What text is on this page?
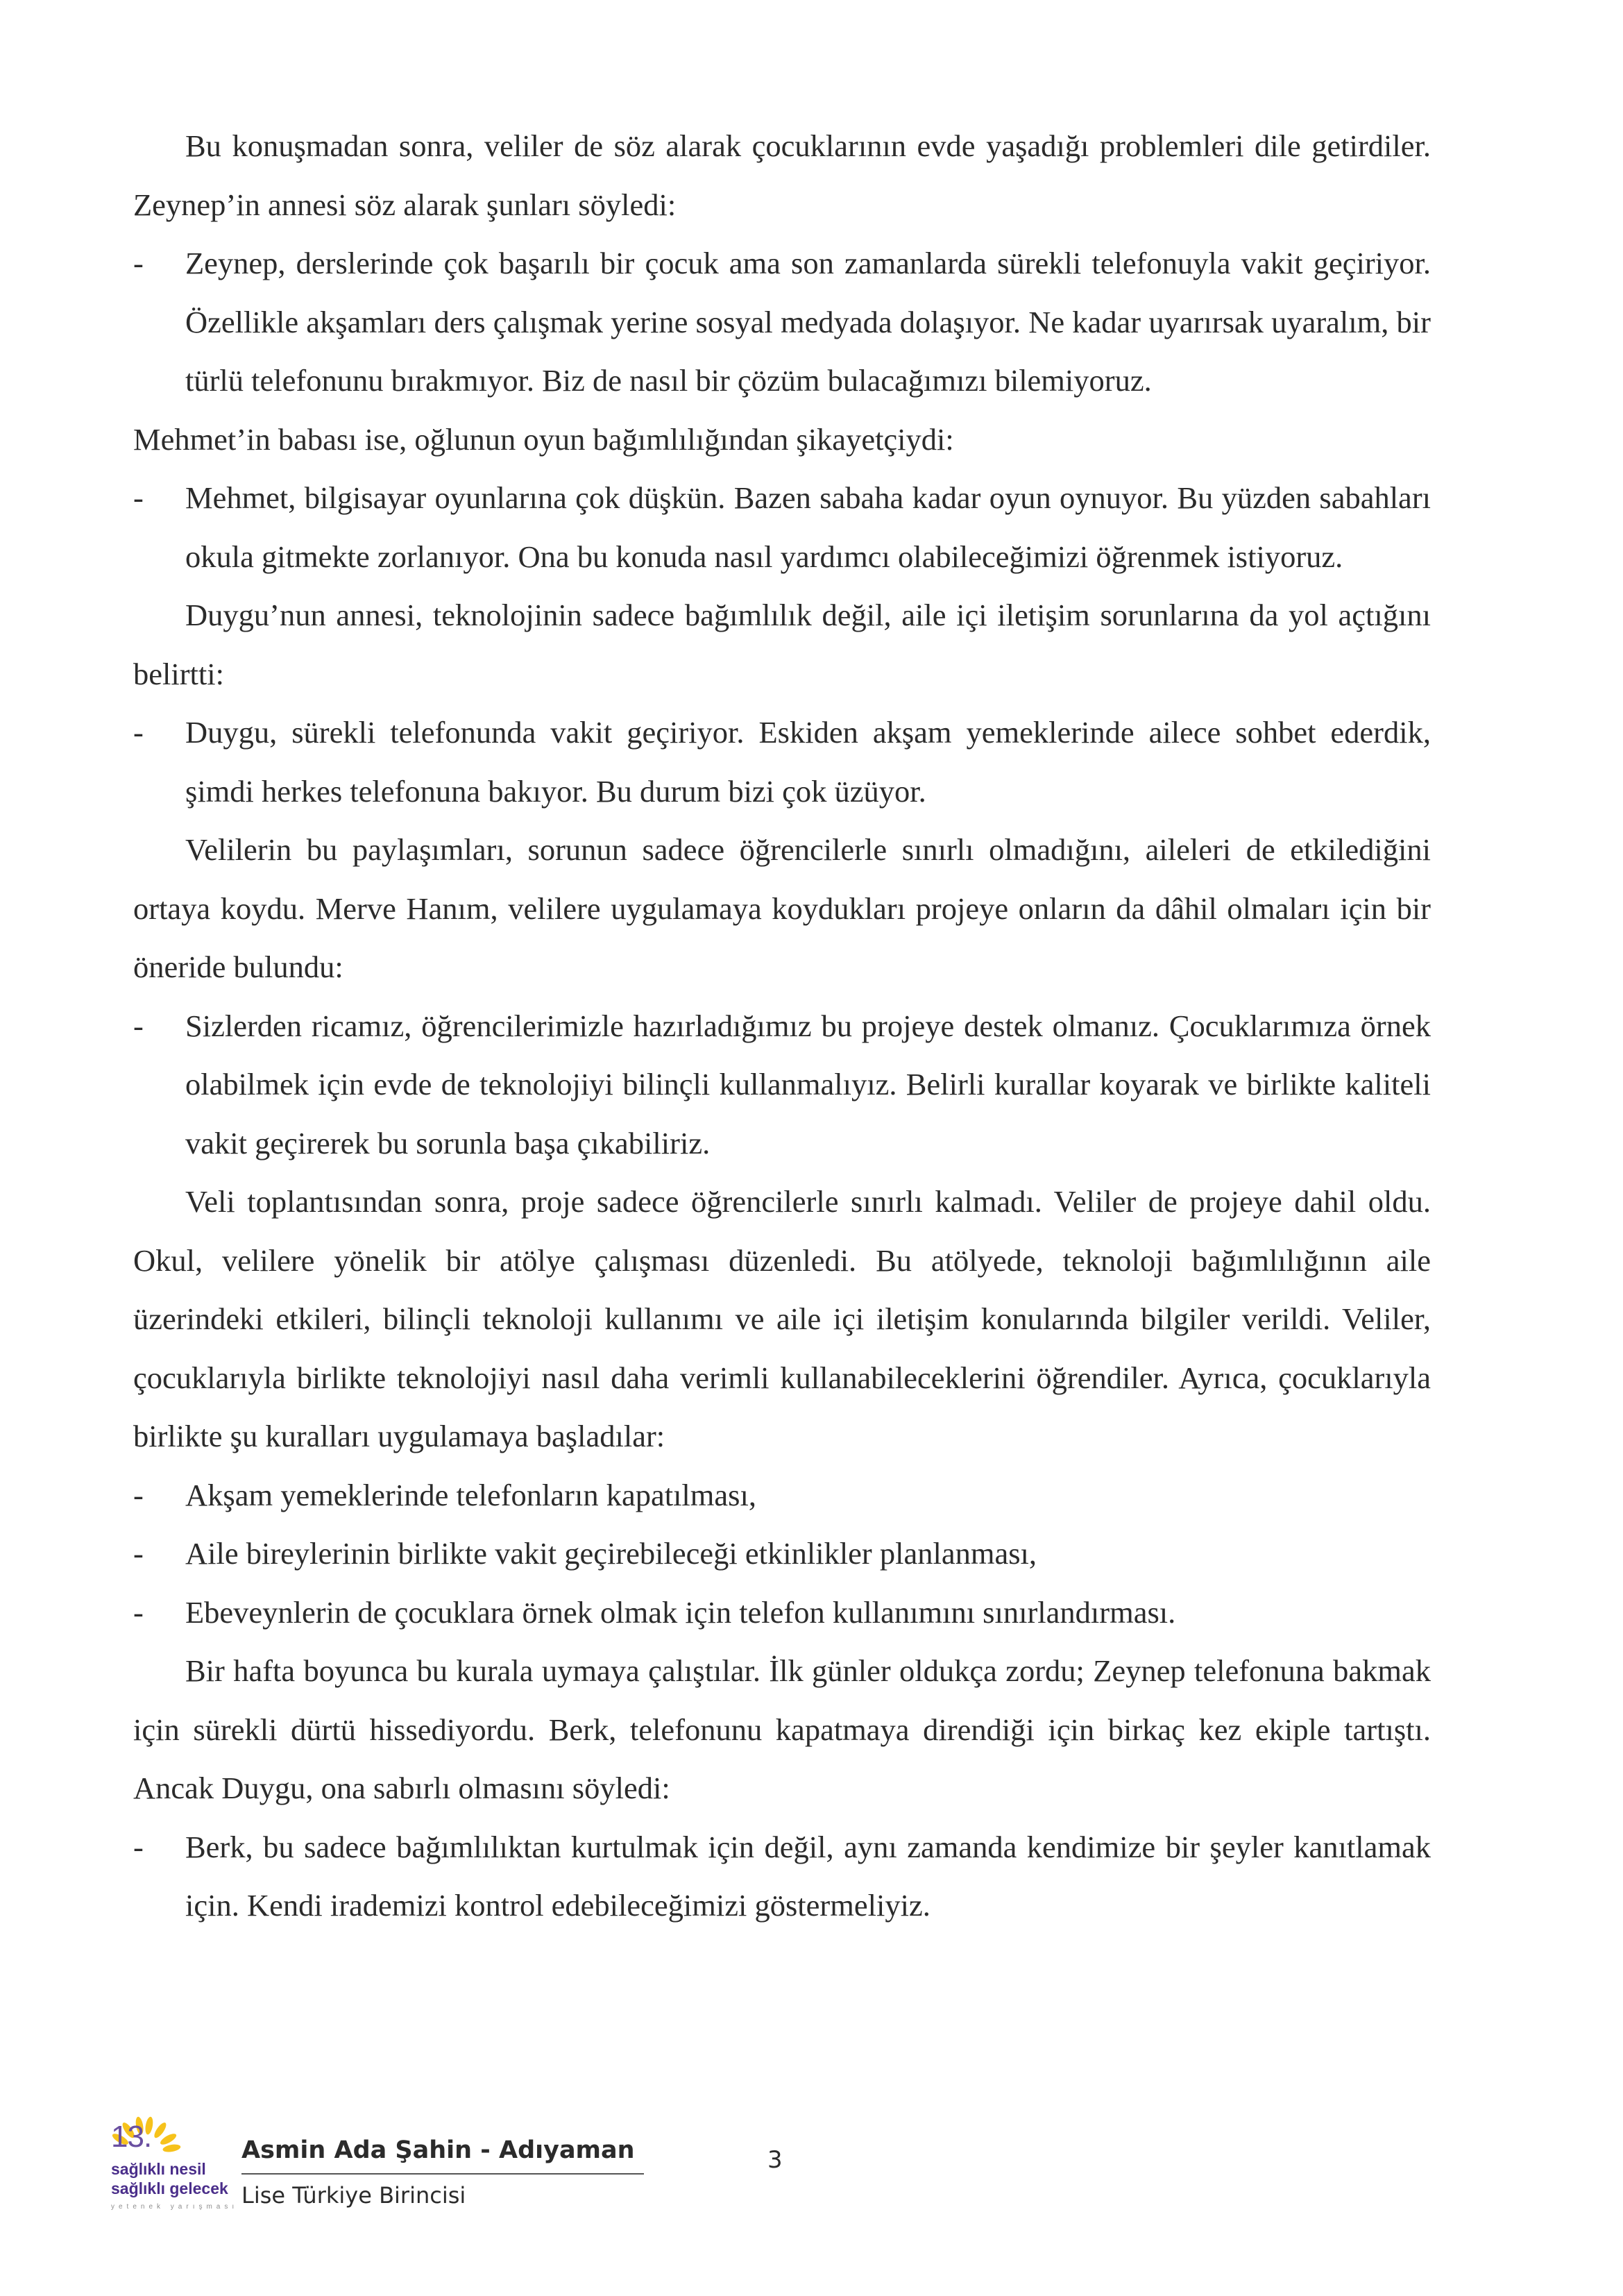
Bu konuşmadan sonra, veliler de söz alarak çocuklarının evde yaşadığı problemleri dile getirdiler. Zeynep’in annesi söz alarak şunları söyledi:

- Zeynep, derslerinde çok başarılı bir çocuk ama son zamanlarda sürekli telefonuyla vakit geçiriyor. Özellikle akşamları ders çalışmak yerine sosyal medyada dolaşıyor. Ne kadar uyarırsak uyaralım, bir türlü telefonunu bırakmıyor. Biz de nasıl bir çözüm bulacağımızı bilemiyoruz.

Mehmet’in babası ise, oğlunun oyun bağımlılığından şikayetçiydi:

- Mehmet, bilgisayar oyunlarına çok düşkün. Bazen sabaha kadar oyun oynuyor. Bu yüzden sabahları okula gitmekte zorlanıyor. Ona bu konuda nasıl yardımcı olabileceğimizi öğrenmek istiyoruz.

Duygu’nun annesi, teknolojinin sadece bağımlılık değil, aile içi iletişim sorunlarına da yol açtığını belirtti:

- Duygu, sürekli telefonunda vakit geçiriyor. Eskiden akşam yemeklerinde ailece sohbet ederdik, şimdi herkes telefonuna bakıyor. Bu durum bizi çok üzüyor.

Velilerin bu paylaşımları, sorunun sadece öğrencilerle sınırlı olmadığını, aileleri de etkilediğini ortaya koydu. Merve Hanım, velilere uygulamaya koydukları projeye onların da dâhil olmaları için bir öneride bulundu:

- Sizlerden ricamız, öğrencilerimizle hazırladığımız bu projeye destek olmanız. Çocuklarımıza örnek olabilmek için evde de teknolojiyi bilinçli kullanmalıyız. Belirli kurallar koyarak ve birlikte kaliteli vakit geçirerek bu sorunla başa çıkabiliriz.

Veli toplantısından sonra, proje sadece öğrencilerle sınırlı kalmadı. Veliler de projeye dahil oldu. Okul, velilere yönelik bir atölye çalışması düzenledi. Bu atölyede, teknoloji bağımlılığının aile üzerindeki etkileri, bilinçli teknoloji kullanımı ve aile içi iletişim konularında bilgiler verildi. Veliler, çocuklarıyla birlikte teknolojiyi nasıl daha verimli kullanabileceklerini öğrendiler. Ayrıca, çocuklarıyla birlikte şu kuralları uygulamaya başladılar:

- Akşam yemeklerinde telefonların kapatılması,

- Aile bireylerinin birlikte vakit geçirebileceği etkinlikler planlanması,

- Ebeveynlerin de çocuklara örnek olmak için telefon kullanımını sınırlandırması.

Bir hafta boyunca bu kurala uymaya çalıştılar. İlk günler oldukça zordu; Zeynep telefonuna bakmak için sürekli dürtü hissediyordu. Berk, telefonunu kapatmaya direndiği için birkaç kez ekiple tartıştı. Ancak Duygu, ona sabırlı olmasını söyledi:

- Berk, bu sadece bağımlılıktan kurtulmak için değil, aynı zamanda kendimize bir şeyler kanıtlamak için. Kendi irademizi kontrol edebileceğimizi göstermeliyiz.

13.
sağlıklı nesil
sağlıklı gelecek
yetenek yarışması
Asmin Ada Şahin - Adıyaman
Lise Türkiye Birincisi
3
